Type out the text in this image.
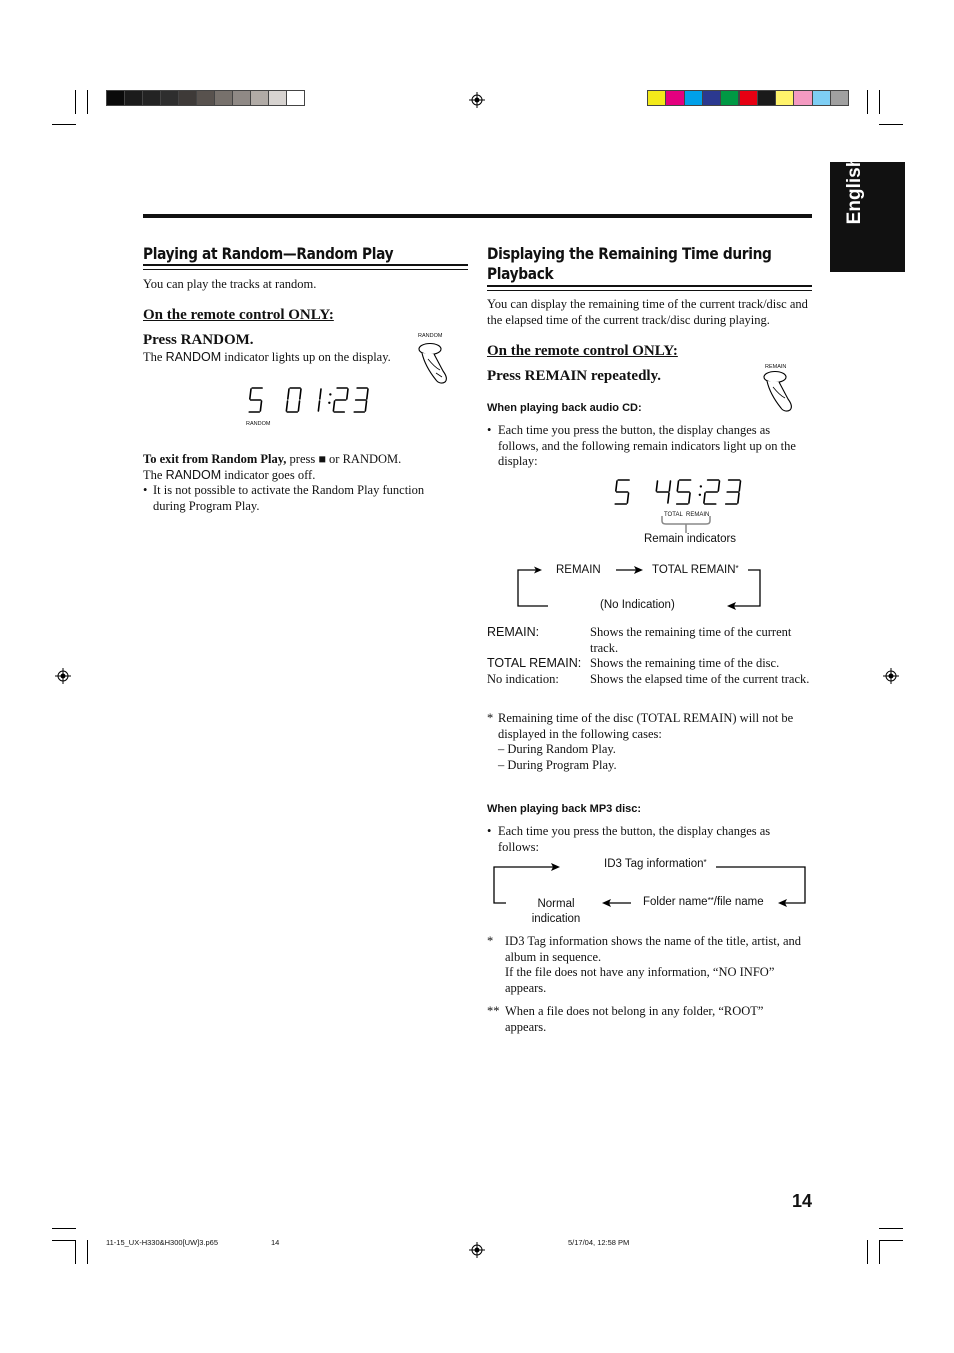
English
Playing at Random—Random Play
You can play the tracks at random.
On the remote control ONLY:
Press RANDOM.
The RANDOM indicator lights up on the display.
RANDOM
RANDOM
To exit from Random Play, press ■ or RANDOM.
The RANDOM indicator goes off.
• It is not possible to activate the Random Play function during Program Play.
Displaying the Remaining Time during
Playback
You can display the remaining time of the current track/disc and the elapsed time of the current track/disc during playing.
On the remote control ONLY:
Press REMAIN repeatedly.
REMAIN
When playing back audio CD:
• Each time you press the button, the display changes as follows, and the following remain indicators light up on the display:
TOTAL REMAIN
Remain indicators
REMAIN	TOTAL REMAIN*
(No Indication)
REMAIN:	Shows the remaining time of the current track.
TOTAL REMAIN: Shows the remaining time of the disc.
No indication: Shows the elapsed time of the current track.
* Remaining time of the disc (TOTAL REMAIN) will not be displayed in the following cases:
– During Random Play.
– During Program Play.
When playing back MP3 disc:
• Each time you press the button, the display changes as follows:
ID3 Tag information*
Normal
indication
Folder name**/file name
* ID3 Tag information shows the name of the title, artist, and album in sequence.
If the file does not have any information, “NO INFO” appears.
** When a file does not belong in any folder, “ROOT” appears.
14
11-15_UX-H330&H300[UW]3.p65	14	5/17/04, 12:58 PM
